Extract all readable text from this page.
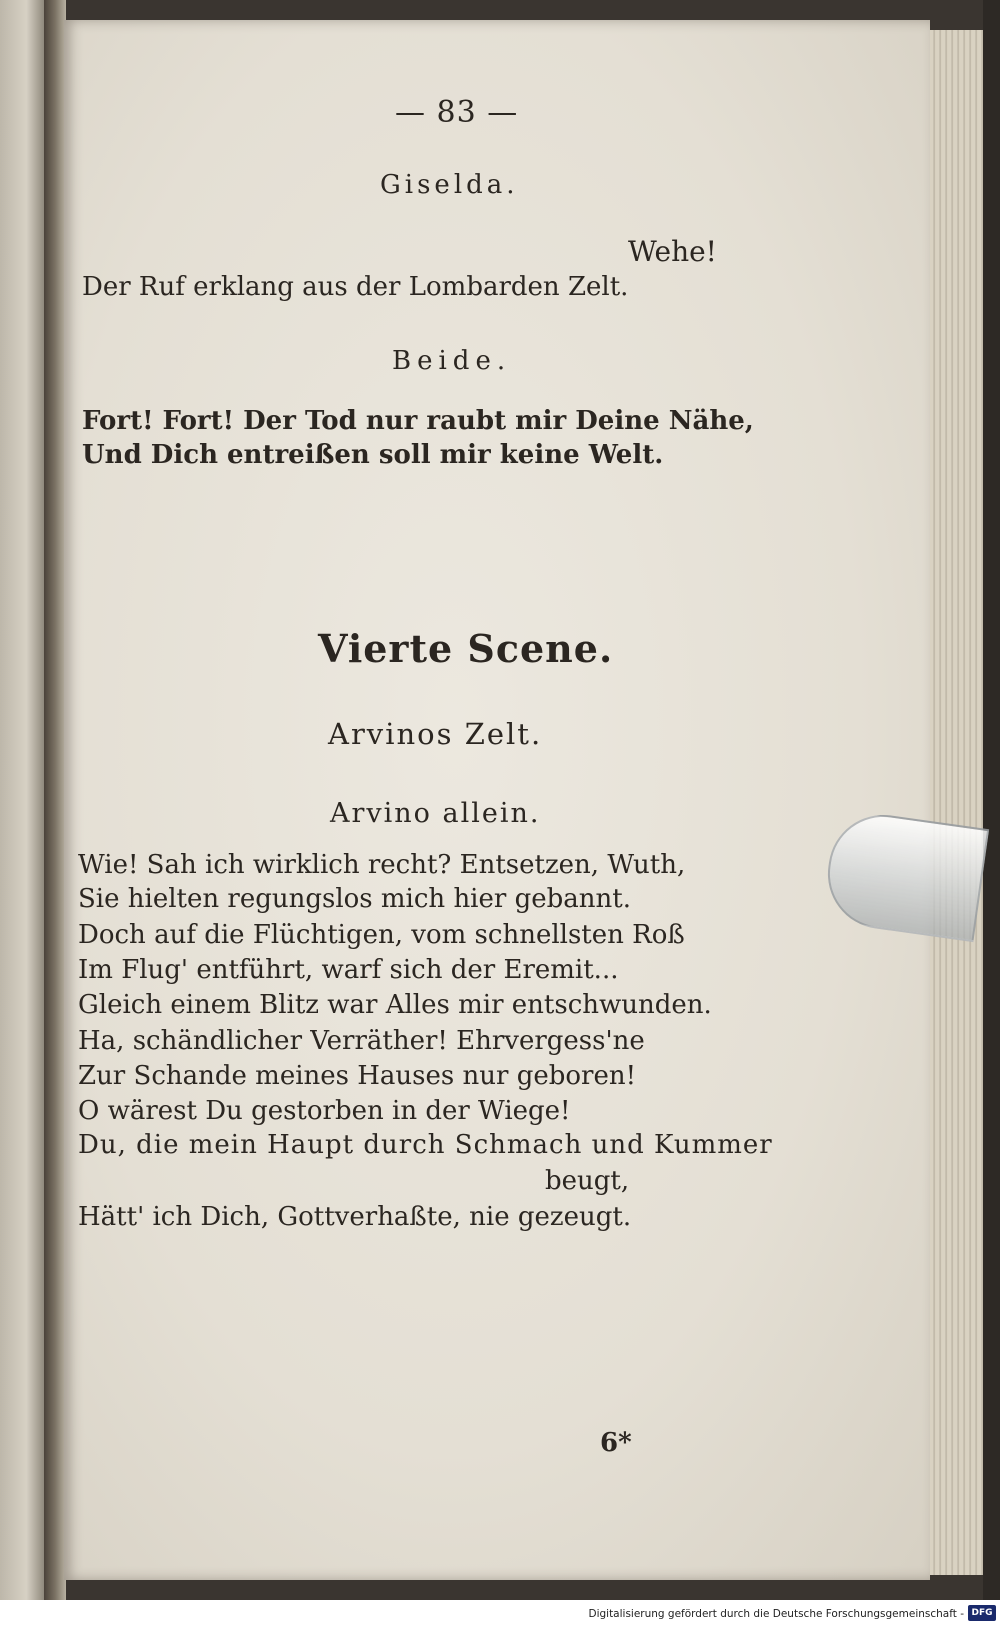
— 83 —
Giselda.
Wehe!
Der Ruf erklang aus der Lombarden Zelt.
Beide.
Fort! Fort! Der Tod nur raubt mir Deine Nähe,
Und Dich entreißen soll mir keine Welt.
Vierte Scene.
Arvinos Zelt.
Arvino allein.
Wie! Sah ich wirklich recht? Entsetzen, Wuth,
Sie hielten regungslos mich hier gebannt.
Doch auf die Flüchtigen, vom schnellsten Roß
Im Flug' entführt, warf sich der Eremit...
Gleich einem Blitz war Alles mir entschwunden.
Ha, schändlicher Verräther! Ehrvergess'ne
Zur Schande meines Hauses nur geboren!
O wärest Du gestorben in der Wiege!
Du, die mein Haupt durch Schmach und Kummer
beugt,
Hätt' ich Dich, Gottverhaßte, nie gezeugt.
6*
Digitalisierung gefördert durch die Deutsche Forschungsgemeinschaft - DFG
